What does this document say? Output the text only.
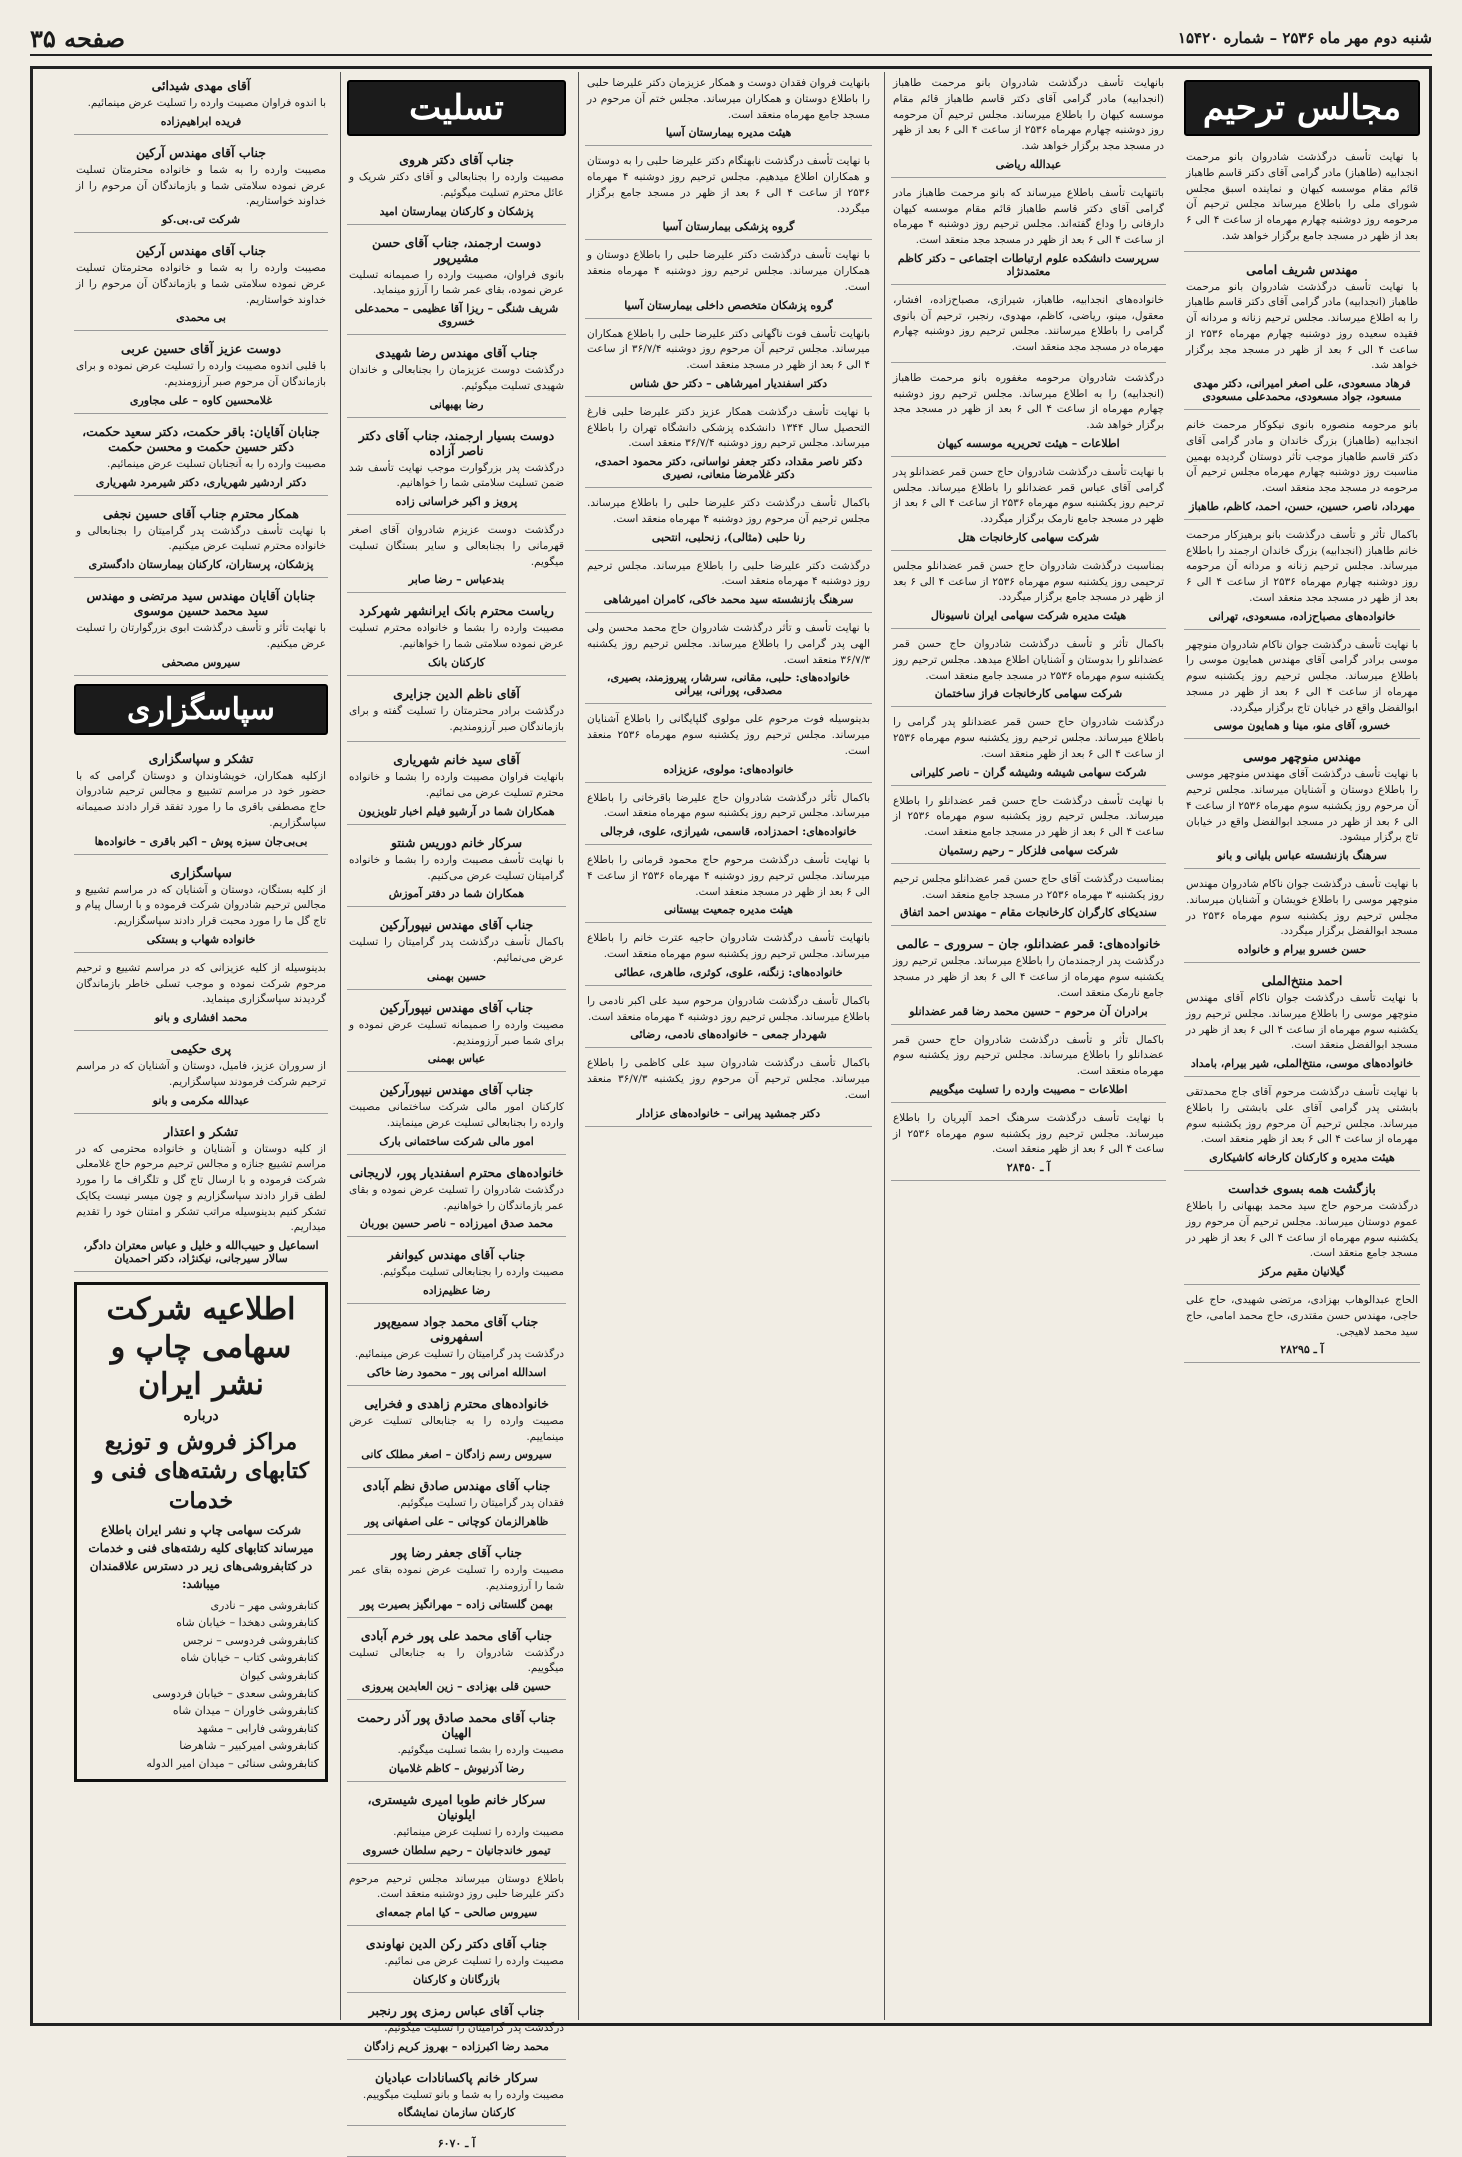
شنبه دوم مهر ماه ۲۵۳۶ – شماره ۱۵۴۲۰
صفحه ۳۵
مجالس ترحیم
با نهایت تأسف درگذشت شادروان بانو مرحمت انجدابیه (طاهباز) مادر گرامی آقای دکتر قاسم طاهباز قائم مقام موسسه کیهان و نماینده اسبق مجلس شورای ملی را باطلاع میرساند مجلس ترحیم آن مرحومه روز دوشنبه چهارم مهرماه از ساعت ۴ الی ۶ بعد از ظهر در مسجد جامع برگزار خواهد شد.
مهندس شریف امامی
با نهایت تأسف درگذشت شادروان بانو مرحمت طاهباز (انجدابیه) مادر گرامی آقای دکتر قاسم طاهباز را به اطلاع میرساند. مجلس ترحیم زنانه و مردانه آن فقیده سعیده روز دوشنبه چهارم مهرماه ۲۵۳۶ از ساعت ۴ الی ۶ بعد از ظهر در مسجد مجد برگزار خواهد شد.
فرهاد مسعودی، علی اصغر امیرانی، دکتر مهدی مسعود، جواد مسعودی، محمدعلی مسعودی
بانو مرحومه منصوره بانوی نیکوکار مرحمت خانم انجدابیه (طاهباز) بزرگ خاندان و مادر گرامی آقای دکتر قاسم طاهباز موجب تأثر دوستان گردیده بهمین مناسبت روز دوشنبه چهارم مهرماه مجلس ترحیم آن مرحومه در مسجد مجد منعقد است.
مهرداد، ناصر، حسین، حسن، احمد، کاظم، طاهباز
باکمال تأثر و تأسف درگذشت بانو برهیزکار مرحمت خانم طاهباز (انجدابیه) بزرگ خاندان ارجمند را باطلاع میرساند. مجلس ترحیم زنانه و مردانه آن مرحومه روز دوشنبه چهارم مهرماه ۲۵۳۶ از ساعت ۴ الی ۶ بعد از ظهر در مسجد مجد منعقد است.
خانواده‌های مصباح‌زاده، مسعودی، تهرانی
با نهایت تأسف درگذشت جوان ناکام شادروان منوچهر موسی برادر گرامی آقای مهندس همایون موسی را باطلاع میرساند. مجلس ترحیم روز یکشنبه سوم مهرماه از ساعت ۴ الی ۶ بعد از ظهر در مسجد ابوالفضل واقع در خیابان تاج برگزار میگردد.
خسرو، آقای منو، مینا و همایون موسی
مهندس منوچهر موسی
با نهایت تأسف درگذشت آقای مهندس منوچهر موسی را باطلاع دوستان و آشنایان میرساند. مجلس ترحیم آن مرحوم روز یکشنبه سوم مهرماه ۲۵۳۶ از ساعت ۴ الی ۶ بعد از ظهر در مسجد ابوالفضل واقع در خیابان تاج برگزار میشود.
سرهنگ بازنشسته عباس بلیانی و بانو
با نهایت تأسف درگذشت جوان ناکام شادروان مهندس منوچهر موسی را باطلاع خویشان و آشنایان میرساند. مجلس ترحیم روز یکشنبه سوم مهرماه ۲۵۳۶ در مسجد ابوالفضل برگزار میگردد.
حسن خسرو بیرام و خانواده
احمد منتخ‌الملی
با نهایت تأسف درگذشت جوان ناکام آقای مهندس منوچهر موسی را باطلاع میرساند. مجلس ترحیم روز یکشنبه سوم مهرماه از ساعت ۴ الی ۶ بعد از ظهر در مسجد ابوالفضل منعقد است.
خانواده‌های موسی، منتخ‌الملی، شیر بیرام، بامداد
با نهایت تأسف درگذشت مرحوم آقای جاج محمدتقی بابشتی پدر گرامی آقای علی بابشتی را باطلاع میرساند. مجلس ترحیم آن مرحوم روز یکشنبه سوم مهرماه از ساعت ۴ الی ۶ بعد از ظهر منعقد است.
هیئت مدیره و کارکنان کارخانه کاشیکاری
بازگشت همه بسوی خداست
درگذشت مرحوم حاج سید محمد بهبهانی را باطلاع عموم دوستان میرساند. مجلس ترحیم آن مرحوم روز یکشنبه سوم مهرماه از ساعت ۴ الی ۶ بعد از ظهر در مسجد جامع منعقد است.
گیلانیان مقیم مرکز
الحاج عبدالوهاب بهزادی، مرتضی شهیدی، حاج علی حاجی، مهندس حسن مقتدری، حاج محمد امامی، حاج سید محمد لاهیجی.
آ ـ ۲۸۲۹۵
بانهایت تأسف درگذشت شادروان بانو مرحمت طاهباز (انجدابیه) مادر گرامی آقای دکتر قاسم طاهباز قائم مقام موسسه کیهان را باطلاع میرساند. مجلس ترحیم آن مرحومه روز دوشنبه چهارم مهرماه ۲۵۳۶ از ساعت ۴ الی ۶ بعد از ظهر در مسجد مجد برگزار خواهد شد.
عبدالله ریاضی
باتنهایت تأسف باطلاع میرساند که بانو مرحمت طاهباز مادر گرامی آقای دکتر قاسم طاهباز قائم مقام موسسه کیهان دارفانی را وداع گفته‌اند. مجلس ترحیم روز دوشنبه ۴ مهرماه از ساعت ۴ الی ۶ بعد از ظهر در مسجد مجد منعقد است.
سرپرست دانشکده علوم ارتباطات اجتماعی – دکتر کاظم معتمدنژاد
خانواده‌های انجدابیه، طاهباز، شیرازی، مصباح‌زاده، افشار، معقول، مینو، ریاضی، کاظم، مهدوی، رنجبر، ترحیم آن بانوی گرامی را باطلاع میرسانند. مجلس ترحیم روز دوشنبه چهارم مهرماه در مسجد مجد منعقد است.
درگذشت شادروان مرحومه مغفوره بانو مرحمت طاهباز (انجدابیه) را به اطلاع میرساند. مجلس ترحیم روز دوشنبه چهارم مهرماه از ساعت ۴ الی ۶ بعد از ظهر در مسجد مجد برگزار خواهد شد.
اطلاعات – هیئت تحریریه موسسه کیهان
با نهایت تأسف درگذشت شادروان حاج حسن قمر عضدانلو پدر گرامی آقای عباس قمر عضدانلو را باطلاع میرساند. مجلس ترحیم روز یکشنبه سوم مهرماه ۲۵۳۶ از ساعت ۴ الی ۶ بعد از ظهر در مسجد جامع نارمک برگزار میگردد.
شرکت سهامی کارخانجات هتل
بمناسبت درگذشت شادروان حاج حسن قمر عضدانلو مجلس ترحیمی روز یکشنبه سوم مهرماه ۲۵۳۶ از ساعت ۴ الی ۶ بعد از ظهر در مسجد جامع برگزار میگردد.
هیئت مدیره شرکت سهامی ایران ناسیونال
باکمال تأثر و تأسف درگذشت شادروان حاج حسن قمر عضدانلو را بدوستان و آشنایان اطلاع میدهد. مجلس ترحیم روز یکشنبه سوم مهرماه ۲۵۳۶ در مسجد جامع منعقد است.
شرکت سهامی کارخانجات فراز ساختمان
درگذشت شادروان حاج حسن قمر عضدانلو پدر گرامی را باطلاع میرساند. مجلس ترحیم روز یکشنبه سوم مهرماه ۲۵۳۶ از ساعت ۴ الی ۶ بعد از ظهر منعقد است.
شرکت سهامی شیشه وشیشه گران – ناصر کلیرانی
با نهایت تأسف درگذشت حاج حسن قمر عضدانلو را باطلاع میرساند. مجلس ترحیم روز یکشنبه سوم مهرماه ۲۵۳۶ از ساعت ۴ الی ۶ بعد از ظهر در مسجد جامع منعقد است.
شرکت سهامی فلزکار – رحیم رستمیان
بمناسبت درگذشت آقای حاج حسن قمر عضدانلو مجلس ترحیم روز یکشنبه ۳ مهرماه ۲۵۳۶ در مسجد جامع منعقد است.
سندیکای کارگران کارخانجات مقام – مهندس احمد اتفاق
خانواده‌های: قمر عضدانلو، جان – سروری – عالمی
درگذشت پدر ارجمندمان را باطلاع میرساند. مجلس ترحیم روز یکشنبه سوم مهرماه از ساعت ۴ الی ۶ بعد از ظهر در مسجد جامع نارمک منعقد است.
برادران آن مرحوم – حسین محمد رضا قمر عضدانلو
باکمال تأثر و تأسف درگذشت شادروان حاج حسن قمر عضدانلو را باطلاع میرساند. مجلس ترحیم روز یکشنبه سوم مهرماه منعقد است.
اطلاعات – مصیبت وارده را تسلیت میگوییم
با نهایت تأسف درگذشت سرهنگ احمد آلپریان را باطلاع میرساند. مجلس ترحیم روز یکشنبه سوم مهرماه ۲۵۳۶ از ساعت ۴ الی ۶ بعد از ظهر منعقد است.
آ ـ ۲۸۴۵۰
بانهایت فروان فقدان دوست و همکار عزیزمان دکتر علیرضا حلبی را باطلاع دوستان و همکاران میرساند. مجلس ختم آن مرحوم در مسجد جامع مهرماه منعقد است.
هیئت مدیره بیمارستان آسیا
با نهایت تأسف درگذشت نابهنگام دکتر علیرضا حلبی را به دوستان و همکاران اطلاع میدهیم. مجلس ترحیم روز دوشنبه ۴ مهرماه ۲۵۳۶ از ساعت ۴ الی ۶ بعد از ظهر در مسجد جامع برگزار میگردد.
گروه پزشکی بیمارستان آسیا
با نهایت تأسف درگذشت دکتر علیرضا حلبی را باطلاع دوستان و همکاران میرساند. مجلس ترحیم روز دوشنبه ۴ مهرماه منعقد است.
گروه پزشکان متخصص داخلی بیمارستان آسیا
بانهایت تأسف فوت ناگهانی دکتر علیرضا حلبی را باطلاع همکاران میرساند. مجلس ترحیم آن مرحوم روز دوشنبه ۳۶/۷/۴ از ساعت ۴ الی ۶ بعد از ظهر در مسجد منعقد است.
دکتر اسفندیار امیرشاهی – دکتر حق شناس
با نهایت تأسف درگذشت همکار عزیز دکتر علیرضا حلبی فارغ التحصیل سال ۱۳۴۴ دانشکده پزشکی دانشگاه تهران را باطلاع میرساند. مجلس ترحیم روز دوشنبه ۳۶/۷/۴ منعقد است.
دکتر ناصر مقداد، دکتر جعفر نواسانی، دکتر محمود احمدی، دکتر غلامرضا منعانی، نصیری
باکمال تأسف درگذشت دکتر علیرضا حلبی را باطلاع میرساند. مجلس ترحیم آن مرحوم روز دوشنبه ۴ مهرماه منعقد است.
رنا حلبی (مثالی)، زنحلبی، انتحبی
درگذشت دکتر علیرضا حلبی را باطلاع میرساند. مجلس ترحیم روز دوشنبه ۴ مهرماه منعقد است.
سرهنگ بازنشسته سید محمد خاکی، کامران امیرشاهی
با نهایت تأسف و تأثر درگذشت شادروان حاج محمد محسن ولی الهی پدر گرامی را باطلاع میرساند. مجلس ترحیم روز یکشنبه ۳۶/۷/۳ منعقد است.
خانواده‌های: حلبی، مقانی، سرشار، پیروزمند، بصیری، مصدقی، پورانی، بیرانی
بدینوسیله فوت مرحوم علی مولوی گلپایگانی را باطلاع آشنایان میرساند. مجلس ترحیم روز یکشنبه سوم مهرماه ۲۵۳۶ منعقد است.
خانواده‌های: مولوی، عزیزاده
باکمال تأثر درگذشت شادروان حاج علیرضا باقرخانی را باطلاع میرساند. مجلس ترحیم روز یکشنبه سوم مهرماه منعقد است.
خانواده‌های: احمدزاده، قاسمی، شیرازی، علوی، فرجالی
با نهایت تأسف درگذشت مرحوم حاج محمود قرمانی را باطلاع میرساند. مجلس ترحیم روز دوشنبه ۴ مهرماه ۲۵۳۶ از ساعت ۴ الی ۶ بعد از ظهر در مسجد منعقد است.
هیئت مدیره جمعیت بیستانی
بانهایت تأسف درگذشت شادروان حاجیه عترت خانم را باطلاع میرساند. مجلس ترحیم روز یکشنبه سوم مهرماه منعقد است.
خانواده‌های: زنگنه، علوی، کوثری، طاهری، عطائی
باکمال تأسف درگذشت شادروان مرحوم سید علی اکبر نادمی را باطلاع میرساند. مجلس ترحیم روز دوشنبه ۴ مهرماه منعقد است.
شهردار جمعی – خانواده‌های نادمی، رضائی
باکمال تأسف درگذشت شادروان سید علی کاظمی را باطلاع میرساند. مجلس ترحیم آن مرحوم روز یکشنبه ۳۶/۷/۳ منعقد است.
دکتر جمشید پیرانی – خانواده‌های عزادار
تسلیت
جناب آقای دکتر هروی
مصیبت وارده را بجنابعالی و آقای دکتر شریک و عائل محترم تسلیت میگوئیم.
پزشکان و کارکنان بیمارستان امید
دوست ارجمند، جناب آقای حسن مشیرپور
بانوی فراوان، مصیبت وارده را صمیمانه تسلیت عرض نموده، بقای عمر شما را آرزو مینماید.
شریف شنگی – ریزا آقا عظیمی – محمدعلی خسروی
جناب آقای مهندس رضا شهیدی
درگذشت دوست عزیزمان را بجنابعالی و خاندان شهیدی تسلیت میگوئیم.
رضا بهبهانی
دوست بسیار ارجمند، جناب آقای دکتر ناصر آزاده
درگذشت پدر بزرگوارت موجب نهایت تأسف شد ضمن تسلیت سلامتی شما را خواهانیم.
پرویز و اکبر خراسانی زاده
درگذشت دوست عزیزم شادروان آقای اصغر قهرمانی را بجنابعالی و سایر بستگان تسلیت میگویم.
بندعباس – رضا صابر
ریاست محترم بانک ایرانشهر شهرکرد
مصیبت وارده را بشما و خانواده محترم تسلیت عرض نموده سلامتی شما را خواهانیم.
کارکنان بانک
آقای ناظم الدین جزایری
درگذشت برادر محترمتان را تسلیت گفته و برای بازماندگان صبر آرزومندیم.
آقای سید خانم شهریاری
بانهایت فراوان مصیبت وارده را بشما و خانواده محترم تسلیت عرض می نمائیم.
همکاران شما در آرشیو فیلم اخبار تلویزیون
سرکار خانم دوریس شنتو
با نهایت تأسف مصیبت وارده را بشما و خانواده گرامیتان تسلیت عرض می‌کنیم.
همکاران شما در دفتر آموزش
جناب آقای مهندس نیپورآرکین
باکمال تأسف درگذشت پدر گرامیتان را تسلیت عرض می‌نمائیم.
حسین بهمنی
جناب آقای مهندس نیپورآرکین
مصیبت وارده را صمیمانه تسلیت عرض نموده و برای شما صبر آرزومندیم.
عباس بهمنی
جناب آقای مهندس نیپورآرکین
کارکنان امور مالی شرکت ساختمانی مصیبت وارده را بجنابعالی تسلیت عرض مینمایند.
امور مالی شرکت ساختمانی بارک
خانواده‌های محترم اسفندیار پور، لاریجانی
درگذشت شادروان را تسلیت عرض نموده و بقای عمر بازماندگان را خواهانیم.
محمد صدق امیرزاده – ناصر حسین بوربان
جناب آقای مهندس کیوانفر
مصیبت وارده را بجنابعالی تسلیت میگوئیم.
رضا عظیم‌زاده
جناب آقای محمد جواد سمیع‌پور اسفهرونی
درگذشت پدر گرامیتان را تسلیت عرض مینمائیم.
اسدالله امرانی پور – محمود رضا خاکی
خانواده‌های محترم زاهدی و فخرایی
مصیبت وارده را به جنابعالی تسلیت عرض مینماییم.
سیروس رسم زادگان – اصغر مطلک کانی
جناب آقای مهندس صادق نظم آبادی
فقدان پدر گرامیتان را تسلیت میگوئیم.
ظاهرالزمان کوچانی – علی اصفهانی پور
جناب آقای جعفر رضا پور
مصیبت وارده را تسلیت عرض نموده بقای عمر شما را آرزومندیم.
بهمن گلستانی زاده – مهرانگیز بصیرت پور
جناب آقای محمد علی پور خرم آبادی
درگذشت شادروان را به جنابعالی تسلیت میگوییم.
حسین قلی بهزادی – زین العابدین پیروزی
جناب آقای محمد صادق پور آذر رحمت الهیان
مصیبت وارده را بشما تسلیت میگوئیم.
رضا آذرنیوش – کاظم غلامیان
سرکار خانم طوبا امیری شیستری، ایلونیان
مصیبت وارده را تسلیت عرض مینمائیم.
تیمور خاندجانیان – رحیم سلطان خسروی
باطلاع دوستان میرساند مجلس ترحیم مرحوم دکتر علیرضا حلبی روز دوشنبه منعقد است.
سیروس صالحی – کیا امام جمعه‌ای
جناب آقای دکتر رکن الدین نهاوندی
مصیبت وارده را تسلیت عرض می نمائیم.
بازرگانان و کارکنان
جناب آقای عباس رمزی پور رنجبر
درگذشت پدر گرامیتان را تسلیت میگوئیم.
محمد رضا اکبرزاده – بهروز کریم زادگان
سرکار خانم پاکسانادات عبادیان
مصیبت وارده را به شما و بانو تسلیت میگوییم.
کارکنان سازمان نمایشگاه
آ ـ ۶۰۷۰
آقای مهدی شیدائی
با اندوه فراوان مصیبت وارده را تسلیت عرض مینمائیم.
فریده ابراهیم‌زاده
جناب آقای مهندس آرکین
مصیبت وارده را به شما و خانواده محترمتان تسلیت عرض نموده سلامتی شما و بازماندگان آن مرحوم را از خداوند خواستاریم.
شرکت تی.بی.کو
جناب آقای مهندس آرکین
مصیبت وارده را به شما و خانواده محترمتان تسلیت عرض نموده سلامتی شما و بازماندگان آن مرحوم را از خداوند خواستاریم.
بی محمدی
دوست عزیز آقای حسین عربی
با قلبی اندوه مصیبت وارده را تسلیت عرض نموده و برای بازماندگان آن مرحوم صبر آرزومندیم.
غلامحسین کاوه – علی مجاوری
جنابان آقایان: باقر حکمت، دکتر سعید حکمت، دکتر حسین حکمت و محسن حکمت
مصیبت وارده را به آنجنابان تسلیت عرض مینمائیم.
دکتر اردشیر شهریاری، دکتر شیرمرد شهریاری
همکار محترم جناب آقای حسین نجفی
با نهایت تأسف درگذشت پدر گرامیتان را بجنابعالی و خانواده محترم تسلیت عرض میکنیم.
پزشکان، پرستاران، کارکنان بیمارستان دادگستری
جنابان آقایان مهندس سید مرتضی و مهندس سید محمد حسین موسوی
با نهایت تأثر و تأسف درگذشت ابوی بزرگوارتان را تسلیت عرض میکنیم.
سیروس مصحفی
سپاسگزاری
تشکر و سپاسگزاری
ازکلیه همکاران، خویشاوندان و دوستان گرامی که با حضور خود در مراسم تشییع و مجالس ترحیم شادروان حاج مصطفی باقری ما را مورد تفقد قرار دادند صمیمانه سپاسگزاریم.
بی‌بی‌جان سبزه پوش – اکبر باقری – خانواده‌ها
سپاسگزاری
از کلیه بستگان، دوستان و آشنایان که در مراسم تشییع و مجالس ترحیم شادروان شرکت فرموده و با ارسال پیام و تاج گل ما را مورد محبت قرار دادند سپاسگزاریم.
خانواده شهاب و بستکی
بدینوسیله از کلیه عزیزانی که در مراسم تشییع و ترحیم مرحوم شرکت نموده و موجب تسلی خاطر بازماندگان گردیدند سپاسگزاری مینماید.
محمد افشاری و بانو
پری حکیمی
از سروران عزیز، فامیل، دوستان و آشنایان که در مراسم ترحیم شرکت فرمودند سپاسگزاریم.
عبدالله مکرمی و بانو
تشکر و اعتذار
از کلیه دوستان و آشنایان و خانواده محترمی که در مراسم تشییع جنازه و مجالس ترحیم مرحوم حاج غلامعلی شرکت فرموده و با ارسال تاج گل و تلگراف ما را مورد لطف قرار دادند سپاسگزاریم و چون میسر نیست یکایک تشکر کنیم بدینوسیله مراتب تشکر و امتنان خود را تقدیم میداریم.
اسماعیل و حبیب‌الله و خلیل و عباس معتران دادگر، سالار سیرجانی، نیکنژاد، دکتر احمدیان
اطلاعیه شرکت سهامی چاپ و نشر ایران
درباره
مراکز فروش و توزیع کتابهای رشته‌های فنی و خدمات
شرکت سهامی چاپ و نشر ایران باطلاع میرساند کتابهای کلیه رشته‌های فنی و خدمات در کتابفروشی‌های زیر در دسترس علاقمندان میباشد:
کتابفروشی مهر – نادری
کتابفروشی دهخدا – خیابان شاه
کتابفروشی فردوسی – نرجس
کتابفروشی کتاب – خیابان شاه
کتابفروشی کیوان
کتابفروشی سعدی – خیابان فردوسی
کتابفروشی خاوران – میدان شاه
کتابفروشی فارابی – مشهد
کتابفروشی امیرکبیر – شاهرضا
کتابفروشی سنائی – میدان امیر الدوله
